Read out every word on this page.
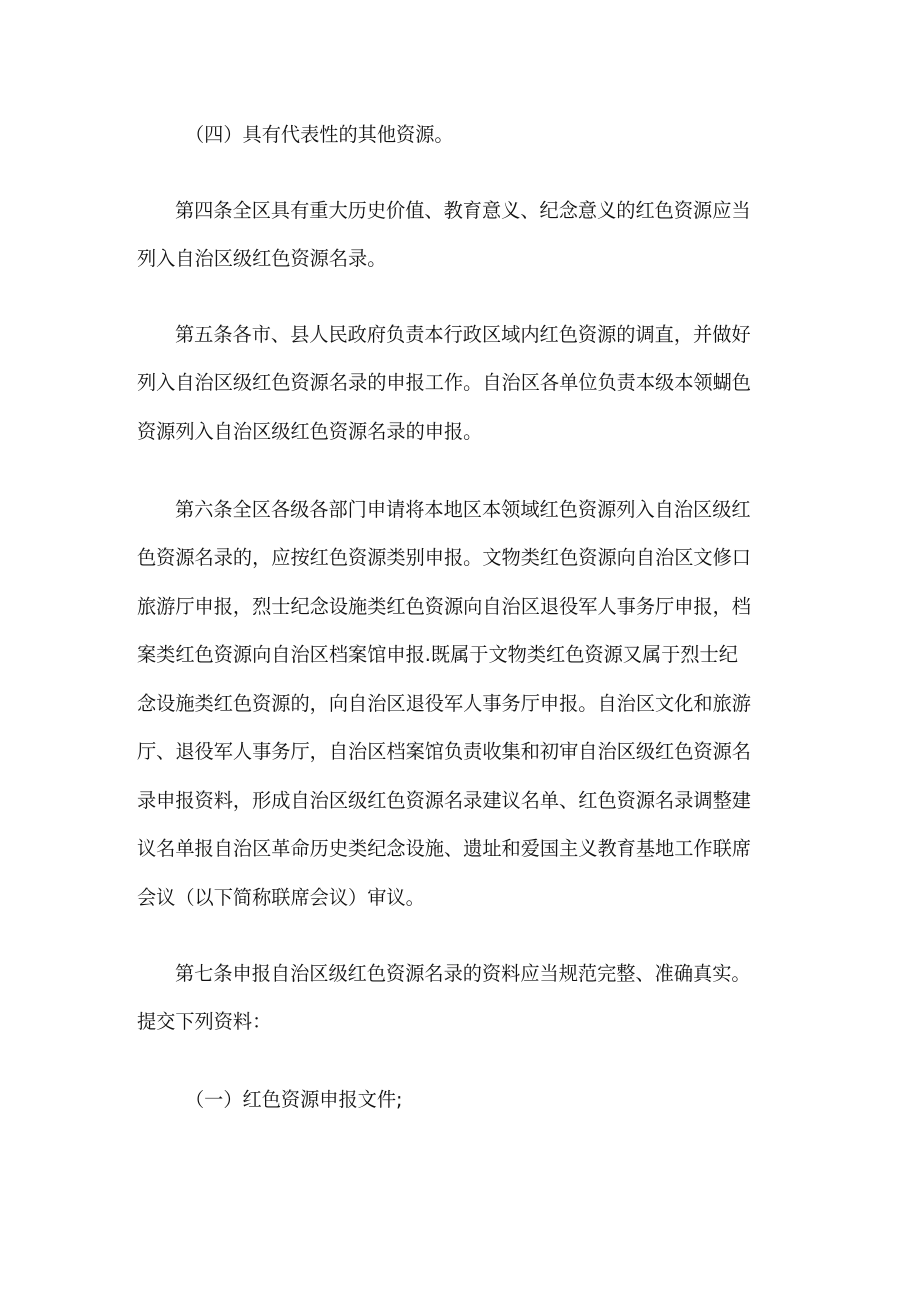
（四）具有代表性的其他资源。
第四条全区具有重大历史价值、教育意义、纪念意义的红色资源应当
列入自治区级红色资源名录。
第五条各市、县人民政府负责本行政区域内红色资源的调直，并做好
列入自治区级红色资源名录的申报工作。自治区各单位负责本级本领蝴色
资源列入自治区级红色资源名录的申报。
第六条全区各级各部门申请将本地区本领域红色资源列入自治区级红
色资源名录的，应按红色资源类别申报。文物类红色资源向自治区文修口
旅游厅申报，烈士纪念设施类红色资源向自治区退役军人事务厅申报，档
案类红色资源向自治区档案馆申报.既属于文物类红色资源又属于烈士纪
念设施类红色资源的，向自治区退役军人事务厅申报。自治区文化和旅游
厅、退役军人事务厅，自治区档案馆负责收集和初审自治区级红色资源名
录申报资料，形成自治区级红色资源名录建议名单、红色资源名录调整建
议名单报自治区革命历史类纪念设施、遗址和爱国主义教育基地工作联席
会议（以下简称联席会议）审议。
第七条申报自治区级红色资源名录的资料应当规范完整、准确真实。
提交下列资料：
（一）红色资源申报文件;
